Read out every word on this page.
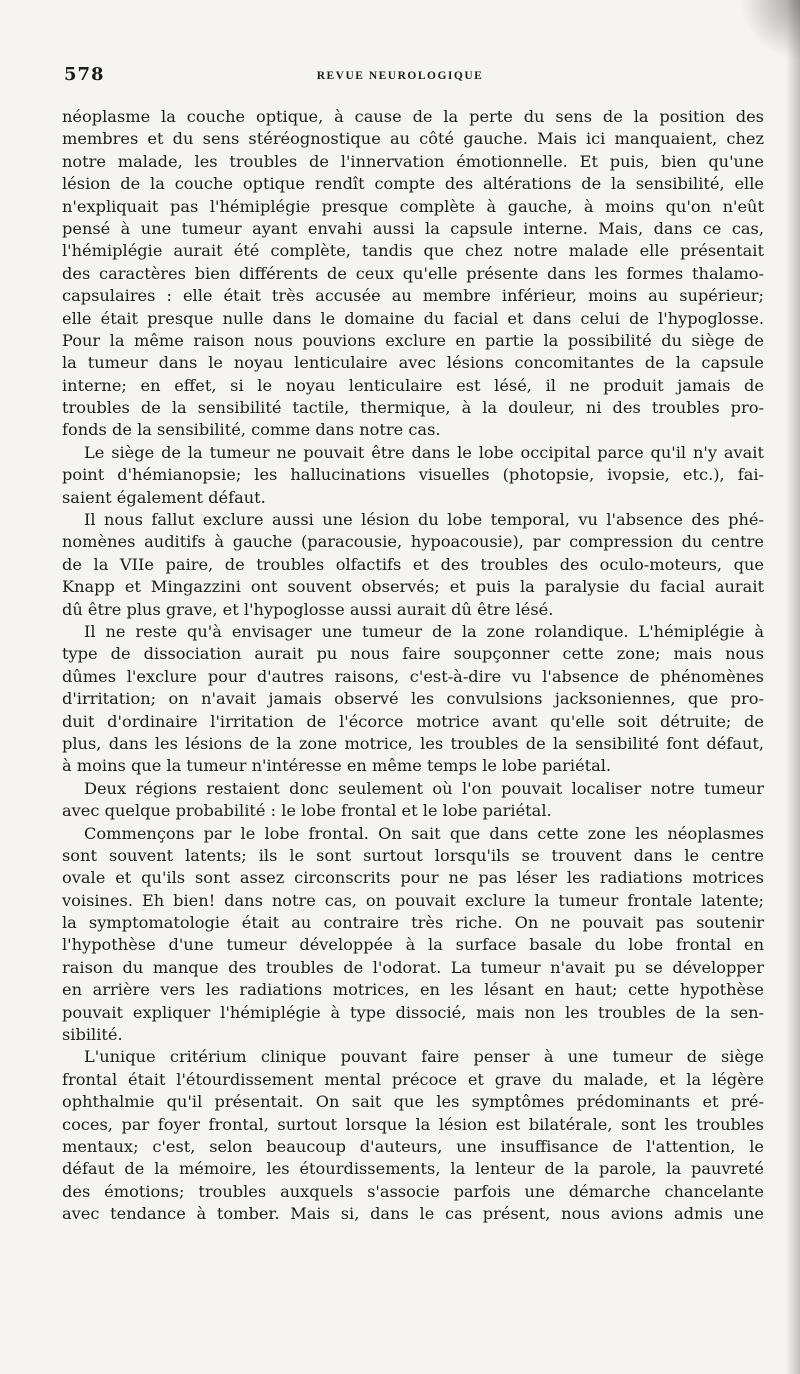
578	REVUE NEUROLOGIQUE
néoplasme la couche optique, à cause de la perte du sens de la position des
membres et du sens stéréognostique au côté gauche. Mais ici manquaient, chez
notre malade, les troubles de l'innervation émotionnelle. Et puis, bien qu'une
lésion de la couche optique rendît compte des altérations de la sensibilité, elle
n'expliquait pas l'hémiplégie presque complète à gauche, à moins qu'on n'eût
pensé à une tumeur ayant envahi aussi la capsule interne. Mais, dans ce cas,
l'hémiplégie aurait été complète, tandis que chez notre malade elle présentait
des caractères bien différents de ceux qu'elle présente dans les formes thalamo-
capsulaires : elle était très accusée au membre inférieur, moins au supérieur;
elle était presque nulle dans le domaine du facial et dans celui de l'hypoglosse.
Pour la même raison nous pouvions exclure en partie la possibilité du siège de
la tumeur dans le noyau lenticulaire avec lésions concomitantes de la capsule
interne; en effet, si le noyau lenticulaire est lésé, il ne produit jamais de
troubles de la sensibilité tactile, thermique, à la douleur, ni des troubles pro-
fonds de la sensibilité, comme dans notre cas.
Le siège de la tumeur ne pouvait être dans le lobe occipital parce qu'il n'y avait
point d'hémianopsie; les hallucinations visuelles (photopsie, ivopsie, etc.), fai-
saient également défaut.
Il nous fallut exclure aussi une lésion du lobe temporal, vu l'absence des phé-
nomènes auditifs à gauche (paracousie, hypoacousie), par compression du centre
de la VIIe paire, de troubles olfactifs et des troubles des oculo-moteurs, que
Knapp et Mingazzini ont souvent observés; et puis la paralysie du facial aurait
dû être plus grave, et l'hypoglosse aussi aurait dû être lésé.
Il ne reste qu'à envisager une tumeur de la zone rolandique. L'hémiplégie à
type de dissociation aurait pu nous faire soupçonner cette zone; mais nous
dûmes l'exclure pour d'autres raisons, c'est-à-dire vu l'absence de phénomènes
d'irritation; on n'avait jamais observé les convulsions jacksoniennes, que pro-
duit d'ordinaire l'irritation de l'écorce motrice avant qu'elle soit détruite; de
plus, dans les lésions de la zone motrice, les troubles de la sensibilité font défaut,
à moins que la tumeur n'intéresse en même temps le lobe pariétal.
Deux régions restaient donc seulement où l'on pouvait localiser notre tumeur
avec quelque probabilité : le lobe frontal et le lobe pariétal.
Commençons par le lobe frontal. On sait que dans cette zone les néoplasmes
sont souvent latents; ils le sont surtout lorsqu'ils se trouvent dans le centre
ovale et qu'ils sont assez circonscrits pour ne pas léser les radiations motrices
voisines. Eh bien! dans notre cas, on pouvait exclure la tumeur frontale latente;
la symptomatologie était au contraire très riche. On ne pouvait pas soutenir
l'hypothèse d'une tumeur développée à la surface basale du lobe frontal en
raison du manque des troubles de l'odorat. La tumeur n'avait pu se développer
en arrière vers les radiations motrices, en les lésant en haut; cette hypothèse
pouvait expliquer l'hémiplégie à type dissocié, mais non les troubles de la sen-
sibilité.
L'unique critérium clinique pouvant faire penser à une tumeur de siège
frontal était l'étourdissement mental précoce et grave du malade, et la légère
ophthalmie qu'il présentait. On sait que les symptômes prédominants et pré-
coces, par foyer frontal, surtout lorsque la lésion est bilatérale, sont les troubles
mentaux; c'est, selon beaucoup d'auteurs, une insuffisance de l'attention, le
défaut de la mémoire, les étourdissements, la lenteur de la parole, la pauvreté
des émotions; troubles auxquels s'associe parfois une démarche chancelante
avec tendance à tomber. Mais si, dans le cas présent, nous avions admis une
